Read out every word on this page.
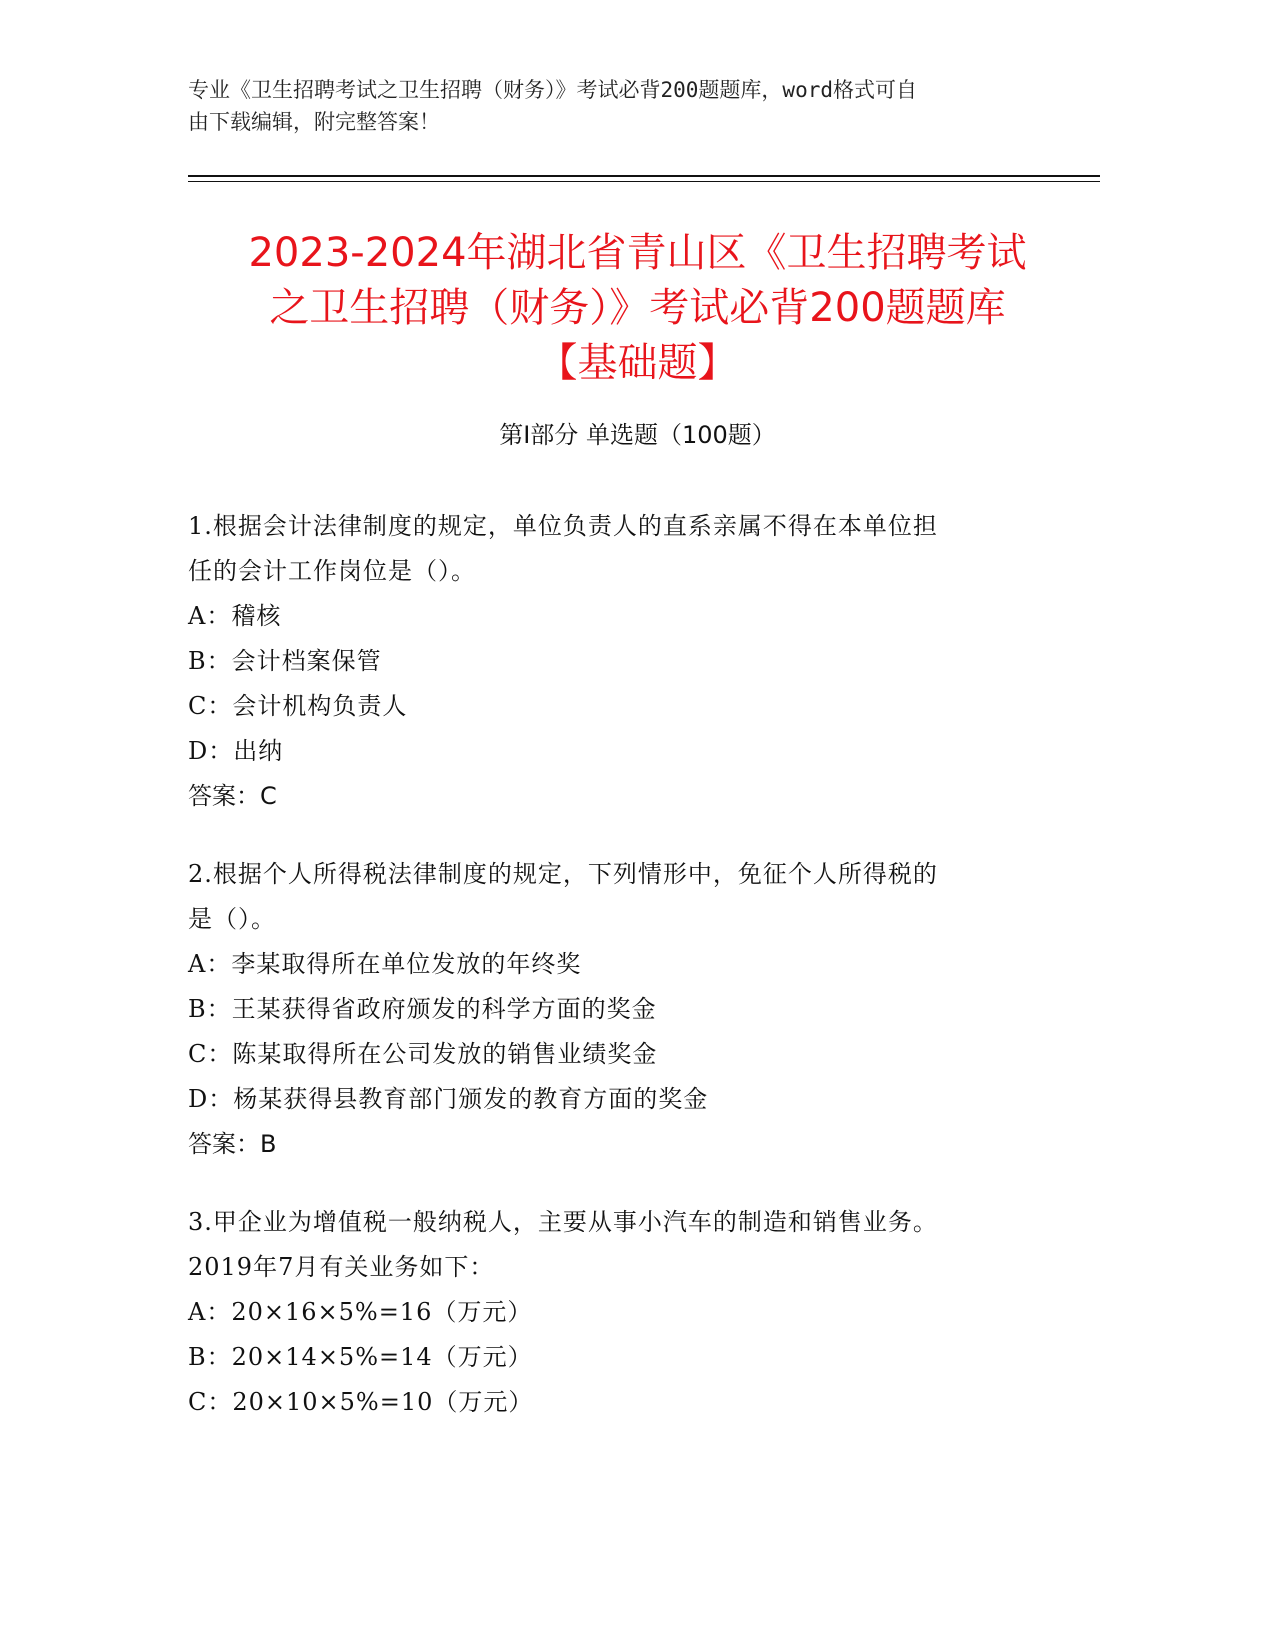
专业《卫生招聘考试之卫生招聘（财务）》考试必背200题题库，word格式可自
由下载编辑，附完整答案！
2023-2024年湖北省青山区《卫生招聘考试
之卫生招聘（财务）》考试必背200题题库
【基础题】
第I部分 单选题（100题）
1.根据会计法律制度的规定，单位负责人的直系亲属不得在本单位担
任的会计工作岗位是（）。
A：稽核
B：会计档案保管
C：会计机构负责人
D：出纳
答案：C
2.根据个人所得税法律制度的规定，下列情形中，免征个人所得税的
是（）。
A：李某取得所在单位发放的年终奖
B：王某获得省政府颁发的科学方面的奖金
C：陈某取得所在公司发放的销售业绩奖金
D：杨某获得县教育部门颁发的教育方面的奖金
答案：B
3.甲企业为增值税一般纳税人，主要从事小汽车的制造和销售业务。
2019年7月有关业务如下：
A：20×16×5%=16（万元）
B：20×14×5%=14（万元）
C：20×10×5%=10（万元）
